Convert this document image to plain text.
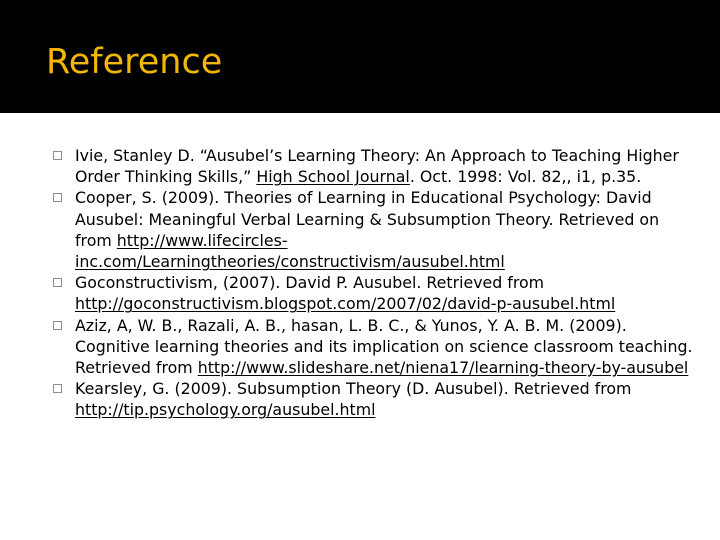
Reference
Ivie, Stanley D. “Ausubel’s Learning Theory: An Approach to Teaching Higher Order Thinking Skills,” High School Journal. Oct. 1998: Vol. 82,, i1, p.35.
Cooper, S. (2009). Theories of Learning in Educational Psychology: David Ausubel: Meaningful Verbal Learning & Subsumption Theory. Retrieved on from http://www.lifecircles-inc.com/Learningtheories/constructivism/ausubel.html
Goconstructivism, (2007). David P. Ausubel. Retrieved from http://goconstructivism.blogspot.com/2007/02/david-p-ausubel.html
Aziz, A, W. B., Razali, A. B., hasan, L. B. C., & Yunos, Y. A. B. M. (2009). Cognitive learning theories and its implication on science classroom teaching. Retrieved from http://www.slideshare.net/niena17/learning-theory-by-ausubel
Kearsley, G. (2009). Subsumption Theory (D. Ausubel). Retrieved from http://tip.psychology.org/ausubel.html
